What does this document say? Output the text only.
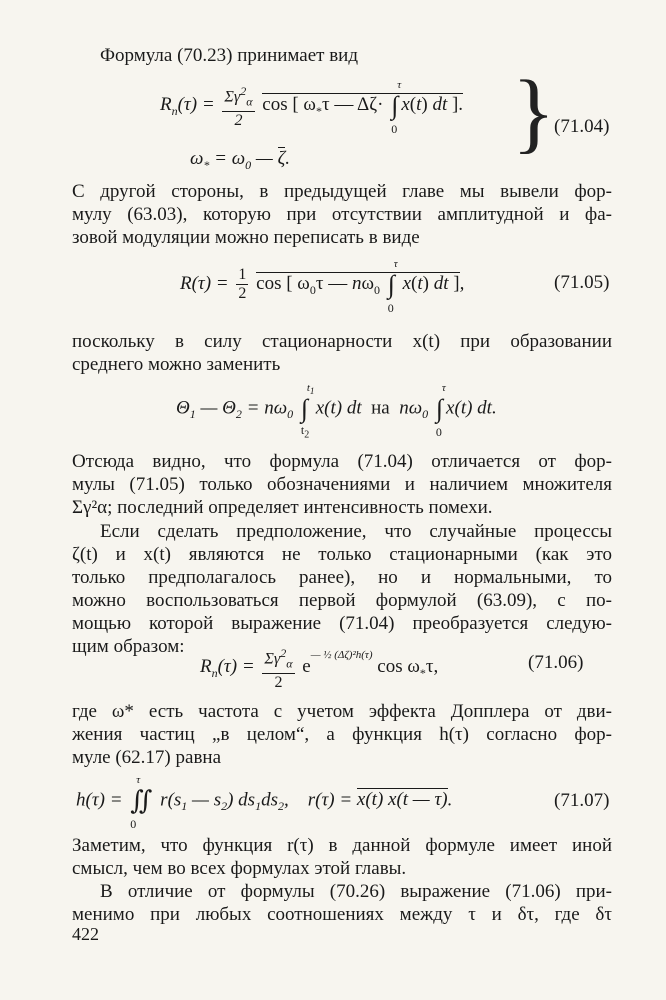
Формула (70.23) принимает вид
$R_n(\tau) = \frac{\Sigma\gamma^2_\alpha}{2}$ cos [ $\omega_*\tau$ — Δζ· ∫
τ
0
x(t) dt ]. }
(71.04)
$\omega_* = \omega_0$ — ζ.
С другой стороны, в предыдущей главе мы вывели фор-
мулу (63.03), которую при отсутствии амплитудной и фа-
зовой модуляции можно переписать в виде
$R(\tau) = \frac{1}{2}$ cos [ $\omega_0\tau$ — $n\omega_0$ ∫
τ
0
x(t) dt ],	(71.05)
поскольку в силу стационарности x(t) при образовании
среднего можно заменить
$\Theta_1$ — $\Theta_2 = n\omega_0$ ∫
$t_1$
$t_2$
x(t) dt  на  $n\omega_0$ ∫
τ
0
x(t) dt.
Отсюда видно, что формула (71.04) отличается от фор-
мулы (71.05) только обозначениями и наличием множителя
Σγ²α; последний определяет интенсивность помехи.
Если сделать предположение, что случайные процессы
ζ(t) и x(t) являются не только стационарными (как это
только предполагалось ранее), но и нормальными, то
можно воспользоваться первой формулой (63.09), с по-
мощью которой выражение (71.04) преобразуется следую-
щим образом:
$R_n(\tau) = \frac{\Sigma\gamma^2_\alpha}{2} e^{— \frac{1}{2} (\Delta\zeta)^2h(\tau)}$ $\cos \omega_*\tau$,	(71.06)
где ω* есть частота с учетом эффекта Допплера от дви-
жения частиц „в целом“, а функция h(τ) согласно фор-
муле (62.17) равна
h(τ) = ∬
τ
0
$r(s_1$ — $s_2$) $ds_1ds_2$,    r(τ) = x(t) x(t — τ).	(71.07)
Заметим, что функция r(τ) в данной формуле имеет иной
смысл, чем во всех формулах этой главы.
В отличие от формулы (70.26) выражение (71.06) при-
менимо при любых соотношениях между τ и δτ, где δτ
422
